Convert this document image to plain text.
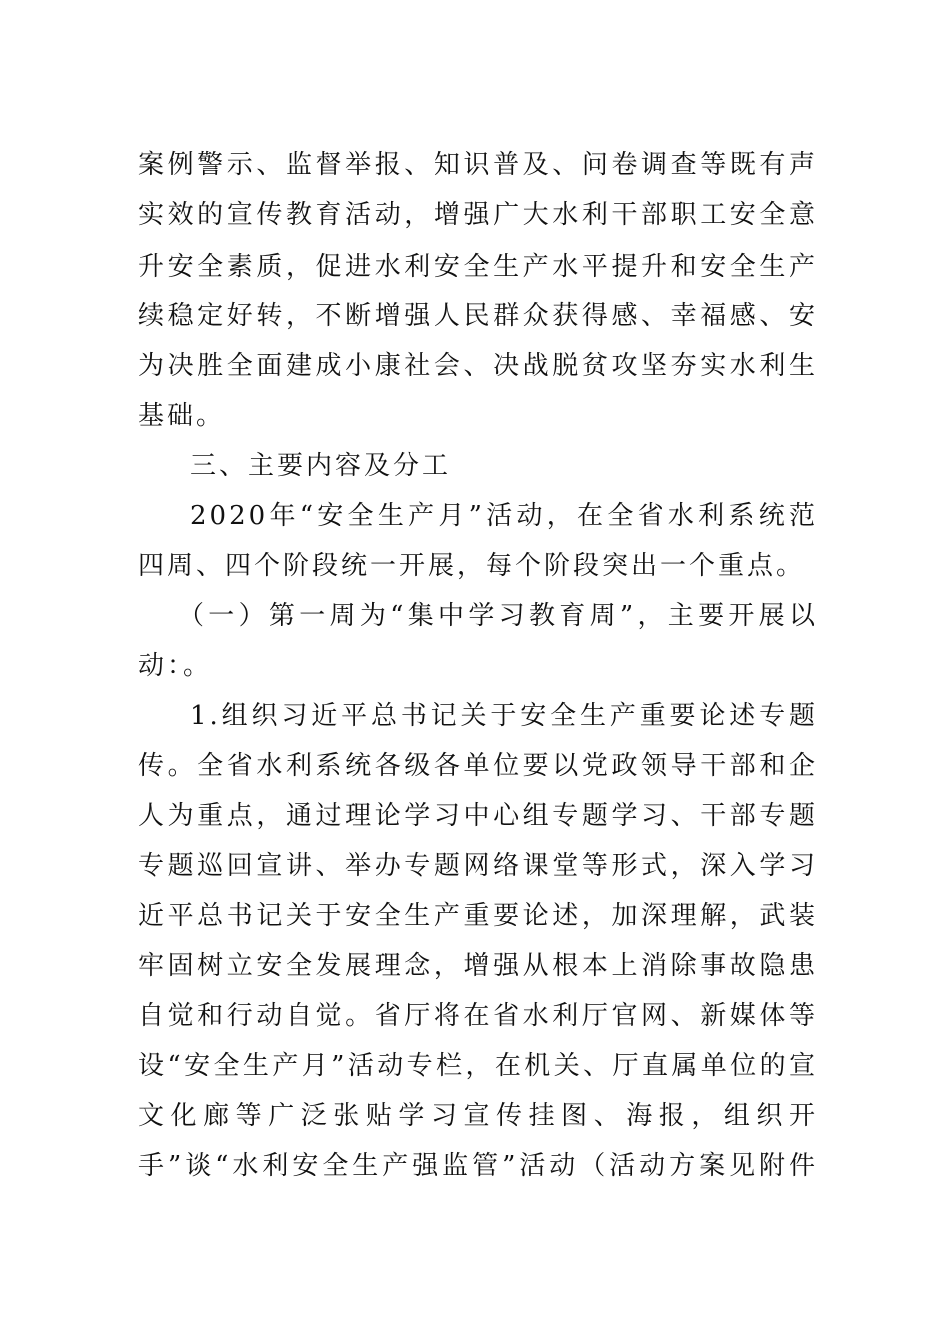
案例警示、监督举报、知识普及、问卷调查等既有声
实效的宣传教育活动，增强广大水利干部职工安全意
升安全素质，促进水利安全生产水平提升和安全生产
续稳定好转，不断增强人民群众获得感、幸福感、安
为决胜全面建成小康社会、决战脱贫攻坚夯实水利生
基础。
三、主要内容及分工
2020年“安全生产月”活动，在全省水利系统范
四周、四个阶段统一开展，每个阶段突出一个重点。
（一）第一周为“集中学习教育周”，主要开展以
动：。
1.组织习近平总书记关于安全生产重要论述专题
传。全省水利系统各级各单位要以党政领导干部和企
人为重点，通过理论学习中心组专题学习、干部专题
专题巡回宣讲、举办专题网络课堂等形式，深入学习
近平总书记关于安全生产重要论述，加深理解，武装
牢固树立安全发展理念，增强从根本上消除事故隐患
自觉和行动自觉。省厅将在省水利厅官网、新媒体等
设“安全生产月”活动专栏，在机关、厅直属单位的宣
文化廊等广泛张贴学习宣传挂图、海报，组织开
手”谈“水利安全生产强监管”活动（活动方案见附件
